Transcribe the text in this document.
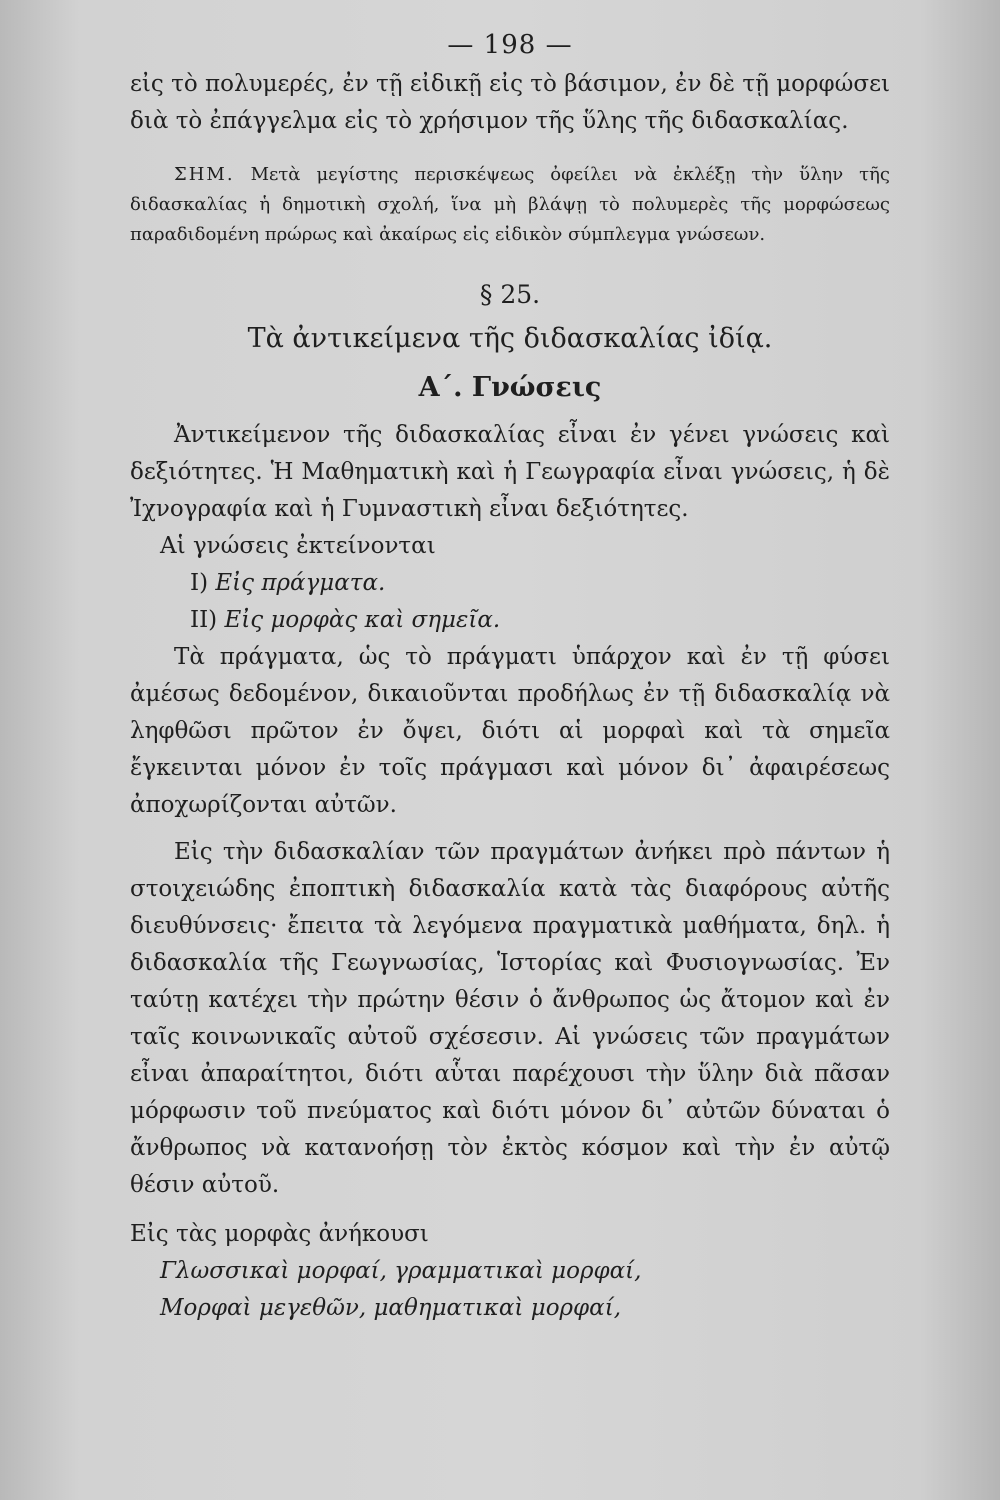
— 198 —

εἰς τὸ πολυμερές, ἐν τῇ εἰδικῇ εἰς τὸ βάσιμον, ἐν δὲ τῇ μορφώσει διὰ τὸ ἐπάγγελμα εἰς τὸ χρήσιμον τῆς ὕλης τῆς διδασκαλίας.

ΣΗΜ. Μετὰ μεγίστης περισκέψεως ὀφείλει νὰ ἐκλέξῃ τὴν ὕλην τῆς διδασκαλίας ἡ δημοτικὴ σχολή, ἵνα μὴ βλάψῃ τὸ πολυμερὲς τῆς μορφώσεως παραδιδομένη πρώρως καὶ ἀκαίρως εἰς εἰδικὸν σύμπλεγμα γνώσεων.

§ 25.
Τὰ ἀντικείμενα τῆς διδασκαλίας ἰδίᾳ.
Α΄. Γνώσεις

Ἀντικείμενον τῆς διδασκαλίας εἶναι ἐν γένει γνώσεις καὶ δεξιότητες. Ἡ Μαθηματικὴ καὶ ἡ Γεωγραφία εἶναι γνώσεις, ἡ δὲ Ἰχνογραφία καὶ ἡ Γυμναστικὴ εἶναι δεξιότητες.

Αἱ γνώσεις ἐκτείνονται

I) Εἰς πράγματα.

II) Εἰς μορφὰς καὶ σημεῖα.

Τὰ πράγματα, ὡς τὸ πράγματι ὑπάρχον καὶ ἐν τῇ φύσει ἀμέσως δεδομένον, δικαιοῦνται προδήλως ἐν τῇ διδασκαλίᾳ νὰ ληφθῶσι πρῶτον ἐν ὄψει, διότι αἱ μορφαὶ καὶ τὰ σημεῖα ἔγκεινται μόνον ἐν τοῖς πράγμασι καὶ μόνον δι᾽ ἀφαιρέσεως ἀποχωρίζονται αὐτῶν.

Εἰς τὴν διδασκαλίαν τῶν πραγμάτων ἀνήκει πρὸ πάντων ἡ στοιχειώδης ἐποπτικὴ διδασκαλία κατὰ τὰς διαφόρους αὐτῆς διευθύνσεις· ἔπειτα τὰ λεγόμενα πραγματικὰ μαθήματα, δηλ. ἡ διδασκαλία τῆς Γεωγνωσίας, Ἱστορίας καὶ Φυσιογνωσίας. Ἐν ταύτῃ κατέχει τὴν πρώτην θέσιν ὁ ἄνθρωπος ὡς ἄτομον καὶ ἐν ταῖς κοινωνικαῖς αὐτοῦ σχέσεσιν. Αἱ γνώσεις τῶν πραγμάτων εἶναι ἀπαραίτητοι, διότι αὗται παρέχουσι τὴν ὕλην διὰ πᾶσαν μόρφωσιν τοῦ πνεύματος καὶ διότι μόνον δι᾽ αὐτῶν δύναται ὁ ἄνθρωπος νὰ κατανοήσῃ τὸν ἐκτὸς κόσμον καὶ τὴν ἐν αὐτῷ θέσιν αὐτοῦ.

Εἰς τὰς μορφὰς ἀνήκουσι

Γλωσσικαὶ μορφαί, γραμματικαὶ μορφαί,

Μορφαὶ μεγεθῶν, μαθηματικαὶ μορφαί,
